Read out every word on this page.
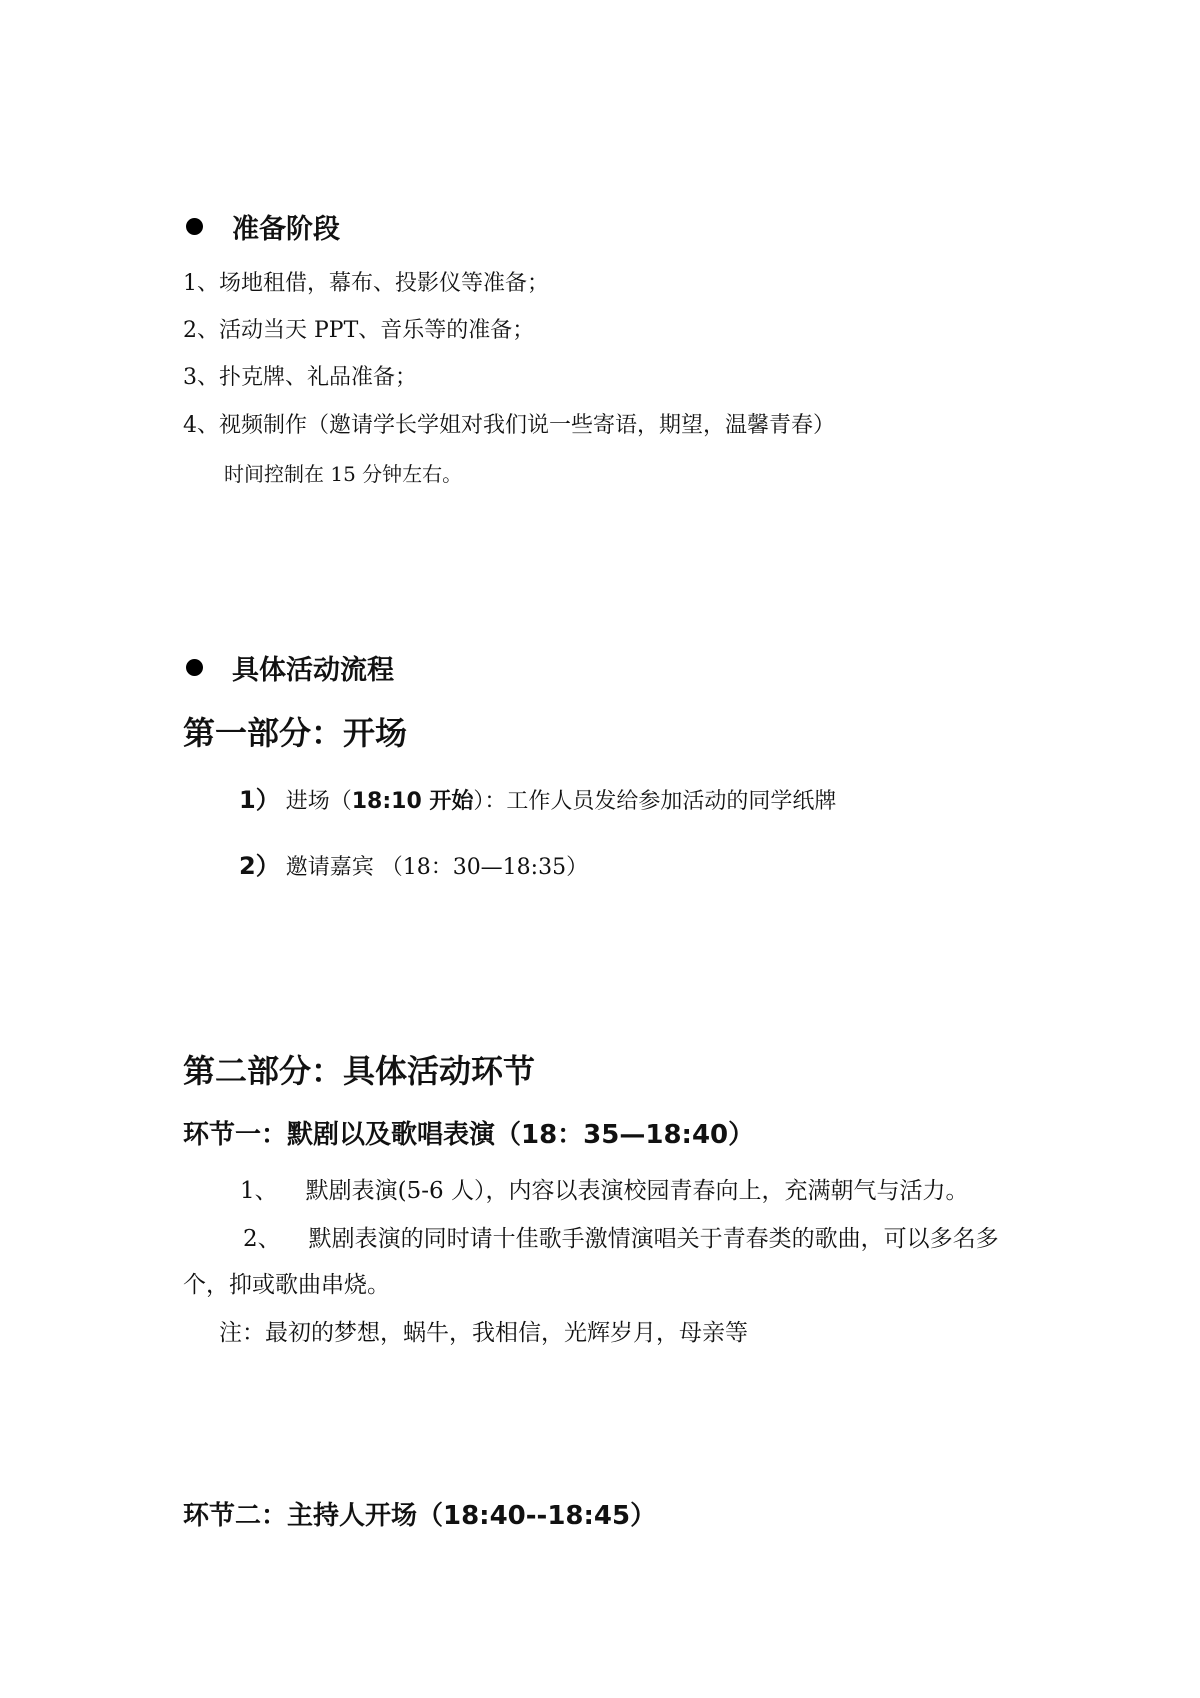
准备阶段
1、场地租借，幕布、投影仪等准备；
2、活动当天 PPT、音乐等的准备；
3、扑克牌、礼品准备；
4、视频制作（邀请学长学姐对我们说一些寄语，期望，温馨青春）
时间控制在 15 分钟左右。
具体活动流程
第一部分：开场
1） 进场（18:10 开始）：工作人员发给参加活动的同学纸牌
2） 邀请嘉宾 （18：30—18:35）
第二部分：具体活动环节
环节一：默剧以及歌唱表演（18：35—18:40）
1、 默剧表演(5-6 人），内容以表演校园青春向上，充满朝气与活力。
2、 默剧表演的同时请十佳歌手激情演唱关于青春类的歌曲，可以多名多
个，抑或歌曲串烧。
注：最初的梦想，蜗牛，我相信，光辉岁月，母亲等
环节二：主持人开场（18:40--18:45）
